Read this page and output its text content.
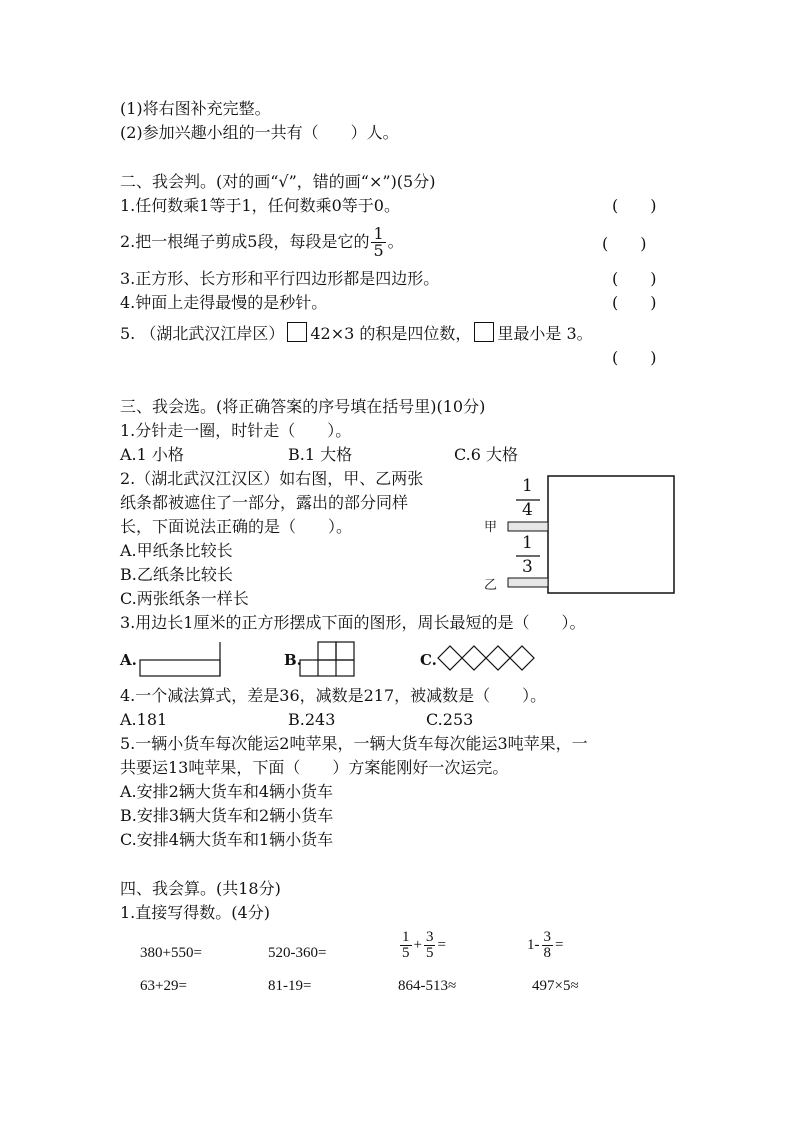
(1)将右图补充完整。
(2)参加兴趣小组的一共有（　　）人。
二、我会判。(对的画“√”，错的画“×”)(5分)
1.任何数乘1等于1，任何数乘0等于0。	(　　)
2.把一根绳子剪成5段，每段是它的 $\frac{1}{5}$ 。	(　　)
3.正方形、长方形和平行四边形都是四边形。	(　　)
4.钟面上走得最慢的是秒针。	(　　)
5. （湖北武汉江岸区） 42×3 的积是四位数， 里最小是 3。
(　　)
三、我会选。(将正确答案的序号填在括号里)(10分)
1.分针走一圈，时针走（　　）。
A.1 小格	B.1 大格	C.6 大格
2.（湖北武汉江汉区）如右图，甲、乙两张
纸条都被遮住了一部分，露出的部分同样
长，下面说法正确的是（　　）。
A.甲纸条比较长
B.乙纸条比较长
C.两张纸条一样长
1
4
1
3
甲
乙
3.用边长1厘米的正方形摆成下面的图形，周长最短的是（　　）。
A.	B.	C.
4.一个减法算式，差是36，减数是217，被减数是（　　）。
A.181	B.243	C.253
5.一辆小货车每次能运2吨苹果，一辆大货车每次能运3吨苹果，一
共要运13吨苹果，下面（　　）方案能刚好一次运完。
A.安排2辆大货车和4辆小货车
B.安排3辆大货车和2辆小货车
C.安排4辆大货车和1辆小货车
四、我会算。(共18分)
1.直接写得数。(4分)
380+550=	520-360=	$\frac{1}{5} + \frac{3}{5}$ =	$1- \frac{3}{8}$ =
63+29=	81-19=	864-513≈	497×5≈
